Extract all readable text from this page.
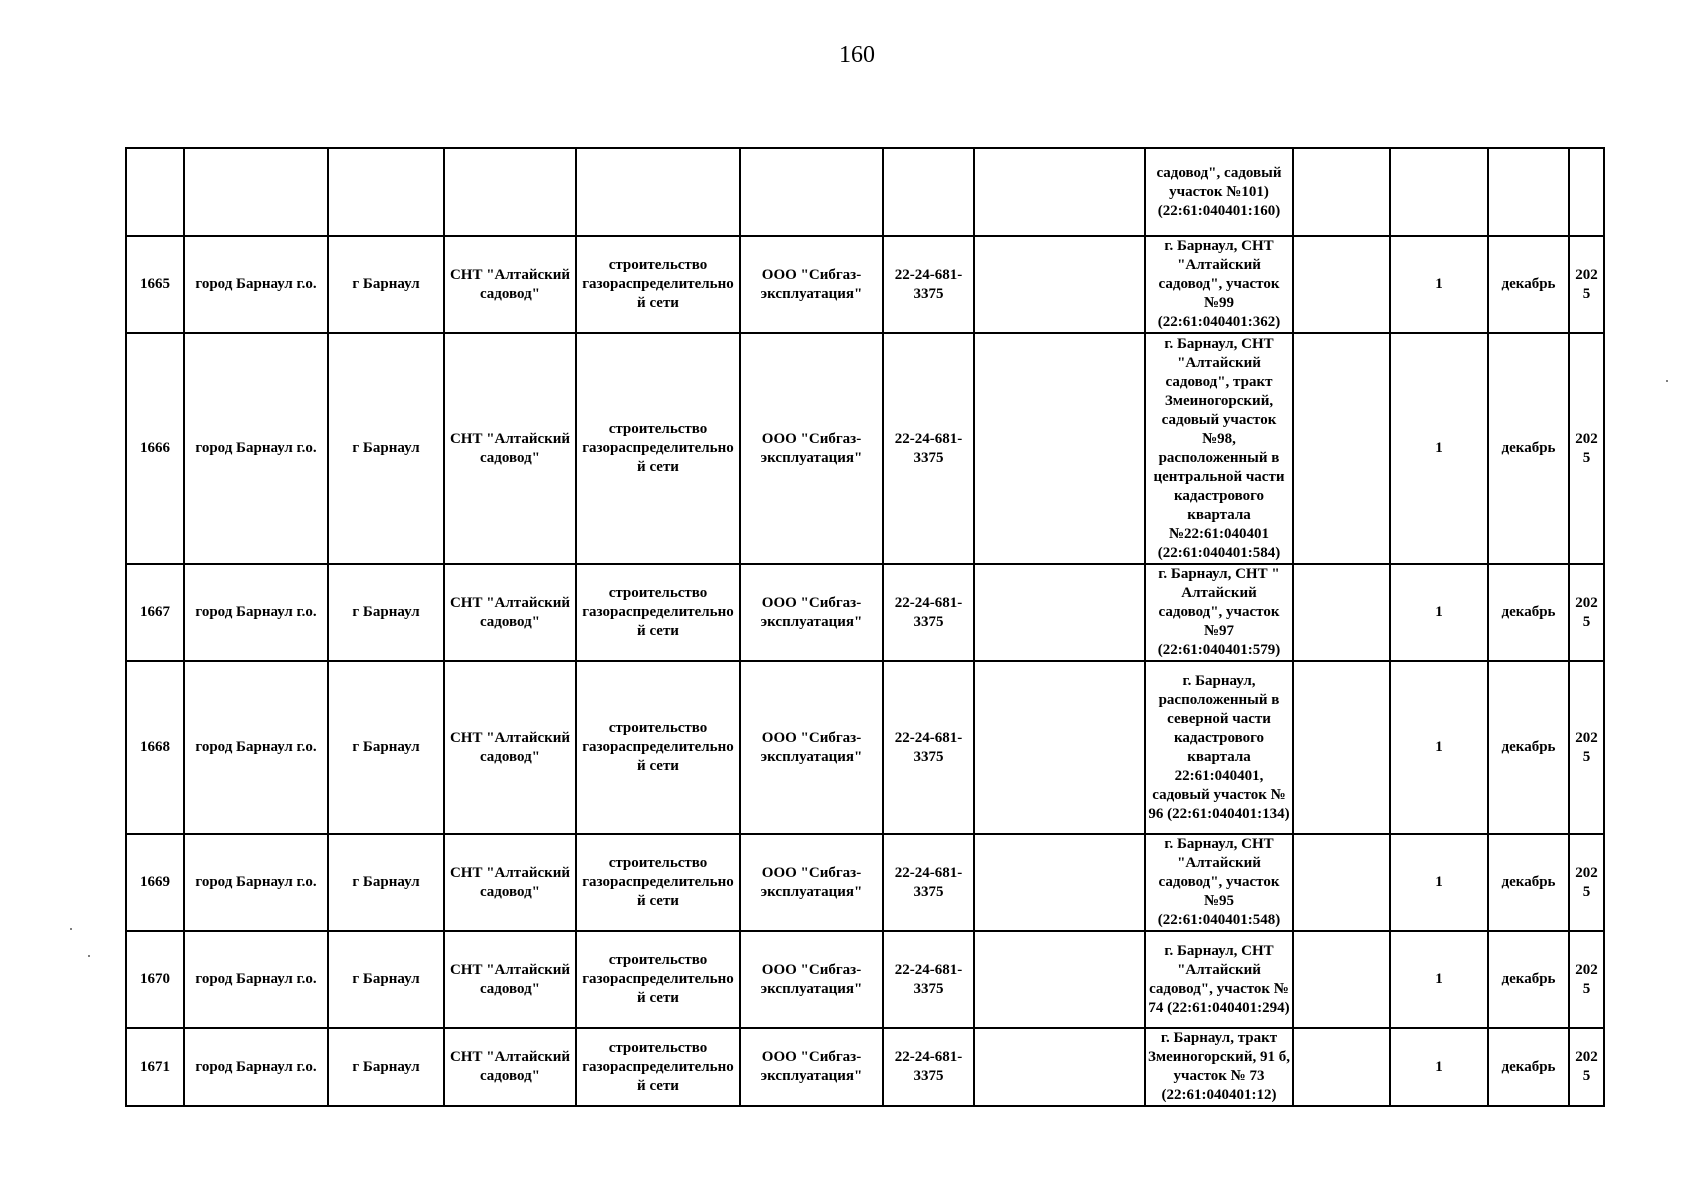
160
								садовод", садовый участок №101) (22:61:040401:160)				
1665	город Барнаул г.о.	г Барнаул	СНТ "Алтайский садовод"	строительство газораспределительной сети	ООО "Сибгаз-эксплуатация"	22-24-681-3375		г. Барнаул, СНТ "Алтайский садовод", участок №99 (22:61:040401:362)		1	декабрь	2025
1666	город Барнаул г.о.	г Барнаул	СНТ "Алтайский садовод"	строительство газораспределительной сети	ООО "Сибгаз-эксплуатация"	22-24-681-3375		г. Барнаул, СНТ "Алтайский садовод", тракт Змеиногорский, садовый участок №98, расположенный в центральной части кадастрового квартала №22:61:040401 (22:61:040401:584)		1	декабрь	2025
1667	город Барнаул г.о.	г Барнаул	СНТ "Алтайский садовод"	строительство газораспределительной сети	ООО "Сибгаз-эксплуатация"	22-24-681-3375		г. Барнаул, СНТ " Алтайский садовод", участок №97 (22:61:040401:579)		1	декабрь	2025
1668	город Барнаул г.о.	г Барнаул	СНТ "Алтайский садовод"	строительство газораспределительной сети	ООО "Сибгаз-эксплуатация"	22-24-681-3375		г. Барнаул, расположенный в северной части кадастрового квартала 22:61:040401, садовый участок № 96 (22:61:040401:134)		1	декабрь	2025
1669	город Барнаул г.о.	г Барнаул	СНТ "Алтайский садовод"	строительство газораспределительной сети	ООО "Сибгаз-эксплуатация"	22-24-681-3375		г. Барнаул, СНТ "Алтайский садовод", участок №95 (22:61:040401:548)		1	декабрь	2025
1670	город Барнаул г.о.	г Барнаул	СНТ "Алтайский садовод"	строительство газораспределительной сети	ООО "Сибгаз-эксплуатация"	22-24-681-3375		г. Барнаул, СНТ "Алтайский садовод", участок № 74 (22:61:040401:294)		1	декабрь	2025
1671	город Барнаул г.о.	г Барнаул	СНТ "Алтайский садовод"	строительство газораспределительной сети	ООО "Сибгаз-эксплуатация"	22-24-681-3375		г. Барнаул, тракт Змеиногорский, 91 б, участок № 73 (22:61:040401:12)		1	декабрь	2025
